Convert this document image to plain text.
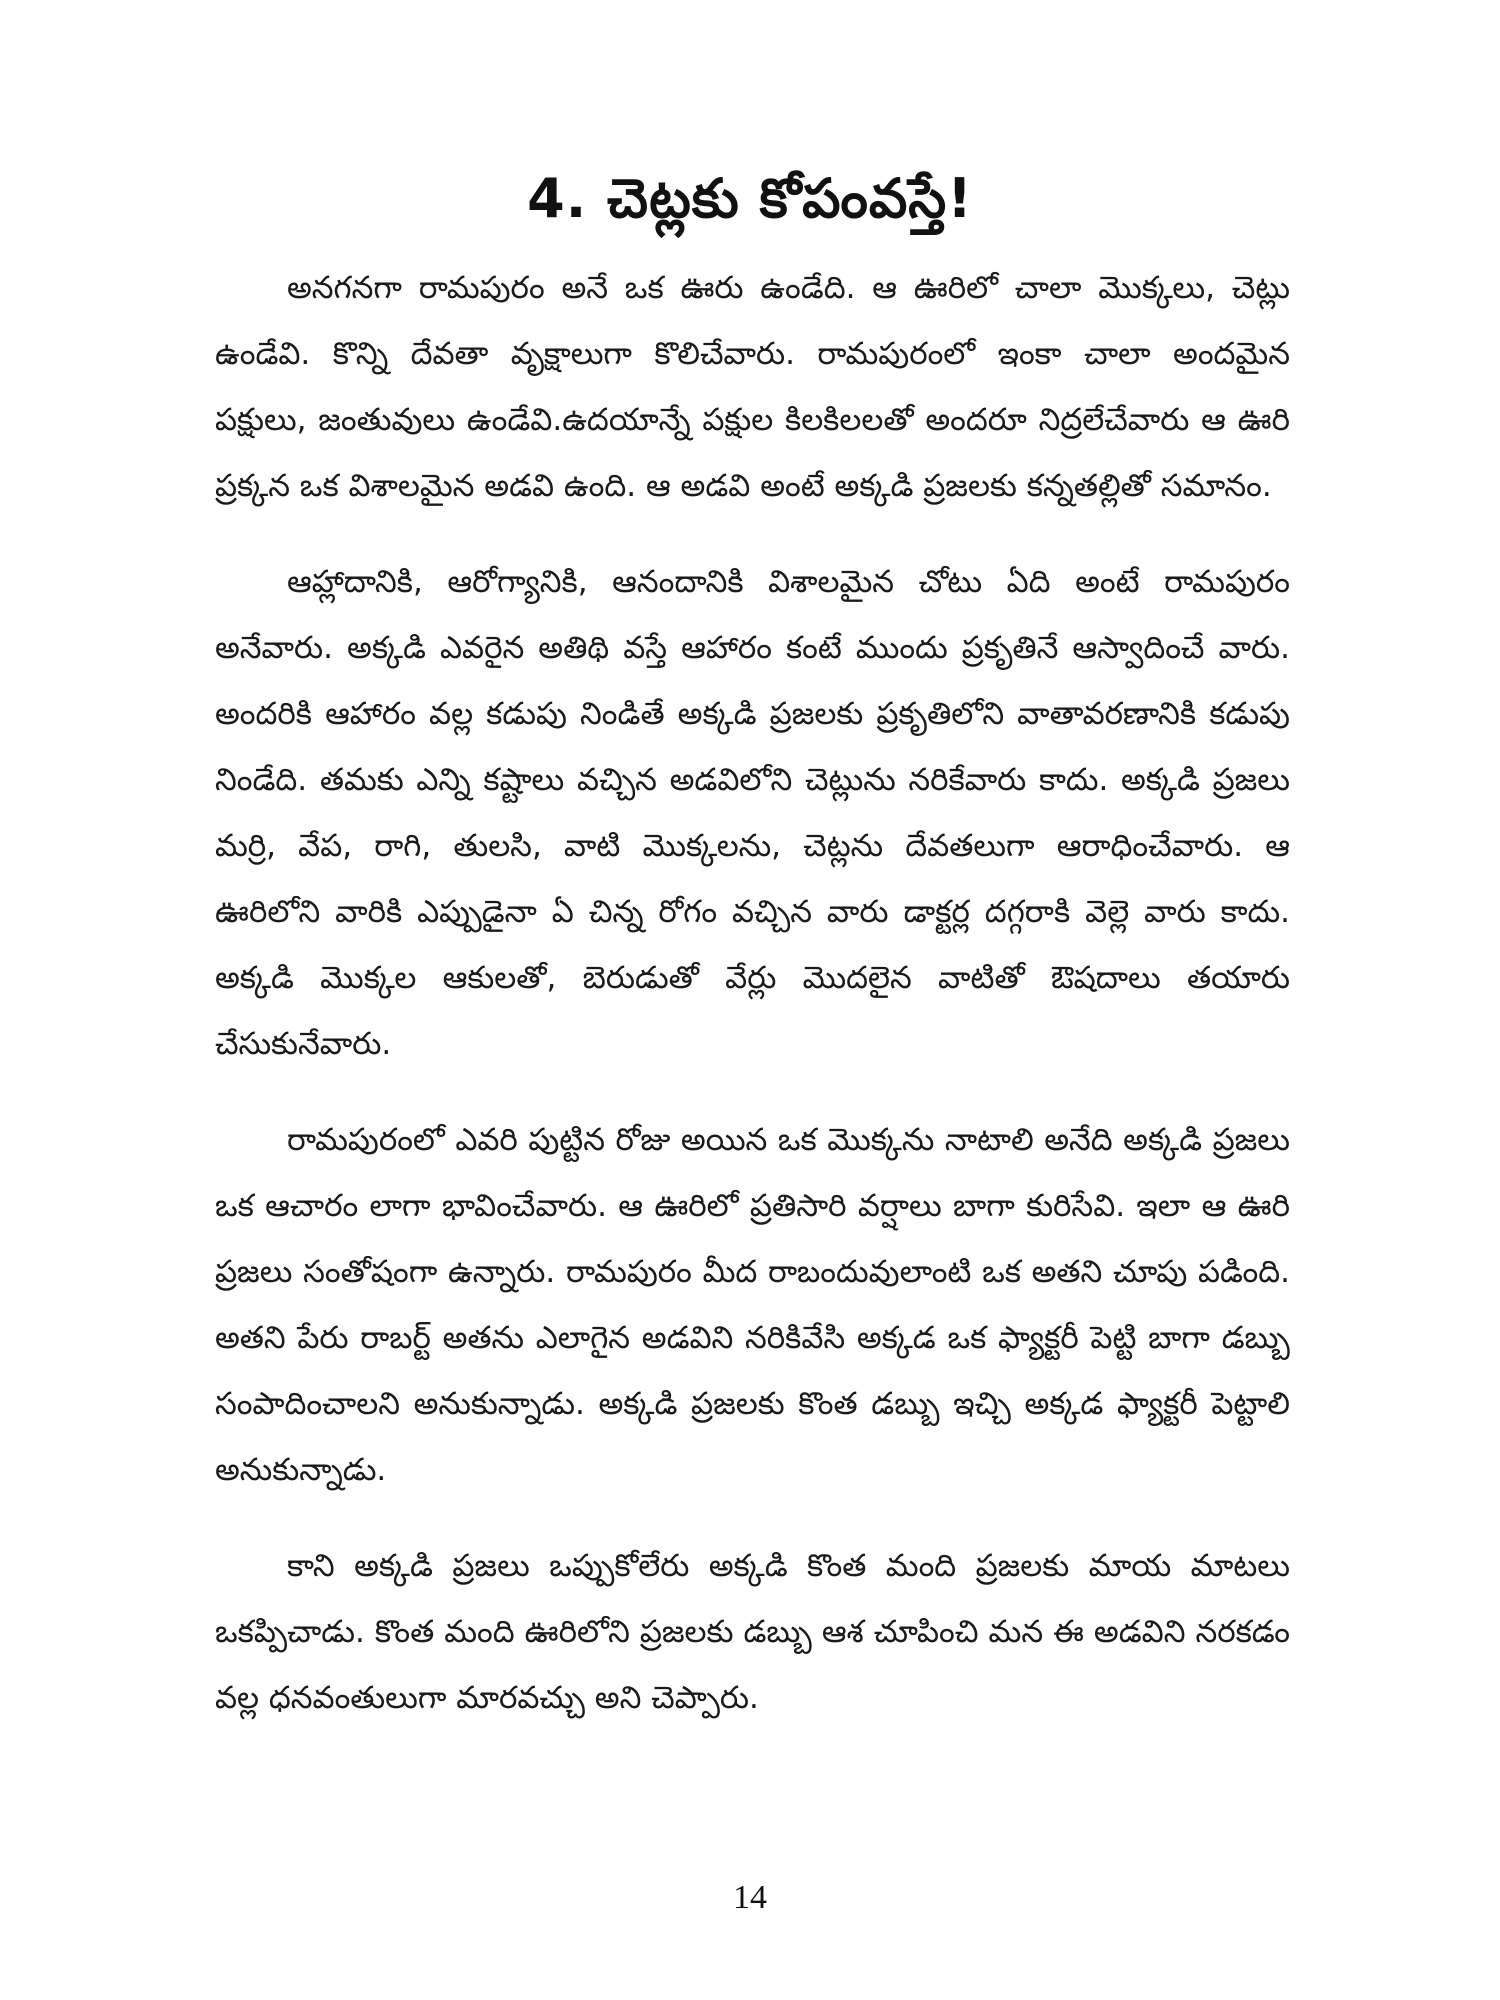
4. చెట్లకు కోపంవస్తే!

అనగనగా రామపురం అనే ఒక ఊరు ఉండేది. ఆ ఊరిలో చాలా మొక్కలు, చెట్లు ఉండేవి. కొన్ని దేవతా వృక్షాలుగా కొలిచేవారు. రామపురంలో ఇంకా చాలా అందమైన పక్షులు, జంతువులు ఉండేవి.ఉదయాన్నే పక్షుల కిలకిలలతో అందరూ నిద్రలేచేవారు ఆ ఊరి ప్రక్కన ఒక విశాలమైన అడవి ఉంది. ఆ అడవి అంటే అక్కడి ప్రజలకు కన్నతల్లితో సమానం.

ఆహ్లాదానికి, ఆరోగ్యానికి, ఆనందానికి విశాలమైన చోటు ఏది అంటే రామపురం అనేవారు. అక్కడి ఎవరైన అతిథి వస్తే ఆహారం కంటే ముందు ప్రకృతినే ఆస్వాదించే వారు. అందరికి ఆహారం వల్ల కడుపు నిండితే అక్కడి ప్రజలకు ప్రకృతిలోని వాతావరణానికి కడుపు నిండేది. తమకు ఎన్ని కష్టాలు వచ్చిన అడవిలోని చెట్లును నరికేవారు కాదు. అక్కడి ప్రజలు మర్రి, వేప, రాగి, తులసి, వాటి మొక్కలను, చెట్లను దేవతలుగా ఆరాధించేవారు. ఆ ఊరిలోని వారికి ఎప్పుడైనా ఏ చిన్న రోగం వచ్చిన వారు డాక్టర్ల దగ్గరాకి వెల్లె వారు కాదు. అక్కడి మొక్కల ఆకులతో, బెరుడుతో వేర్లు మొదలైన వాటితో ఔషదాలు తయారు చేసుకునేవారు.

రామపురంలో ఎవరి పుట్టిన రోజు అయిన ఒక మొక్కను నాటాలి అనేది అక్కడి ప్రజలు ఒక ఆచారం లాగా భావించేవారు. ఆ ఊరిలో ప్రతిసారి వర్షాలు బాగా కురిసేవి. ఇలా ఆ ఊరి ప్రజలు సంతోషంగా ఉన్నారు. రామపురం మీద రాబందువులాంటి ఒక అతని చూపు పడింది. అతని పేరు రాబర్ట్ అతను ఎలాగైన అడవిని నరికివేసి అక్కడ ఒక ఫ్యాక్టరీ పెట్టి బాగా డబ్బు సంపాదించాలని అనుకున్నాడు. అక్కడి ప్రజలకు కొంత డబ్బు ఇచ్చి అక్కడ ఫ్యాక్టరీ పెట్టాలి అనుకున్నాడు.

కాని అక్కడి ప్రజలు ఒప్పుకోలేరు అక్కడి కొంత మంది ప్రజలకు మాయ మాటలు ఒకప్పిచాడు. కొంత మంది ఊరిలోని ప్రజలకు డబ్బు ఆశ చూపించి మన ఈ అడవిని నరకడం వల్ల ధనవంతులుగా మారవచ్చు అని చెప్పారు.

14
